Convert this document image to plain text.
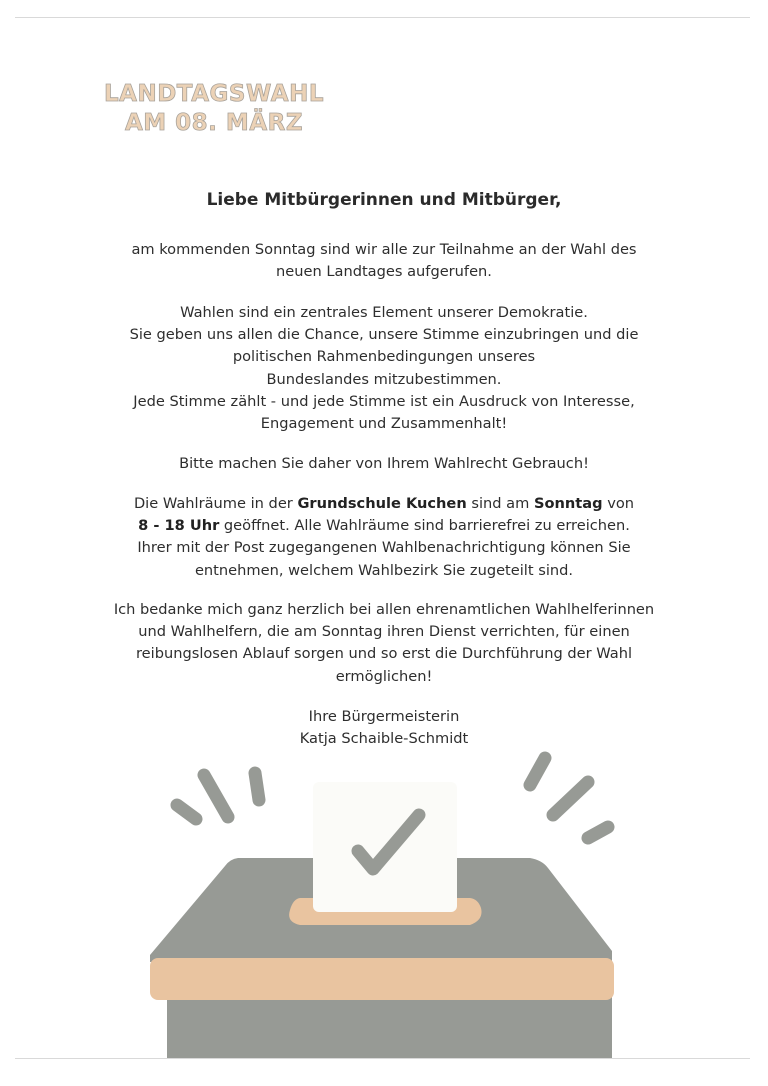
LANDTAGSWAHL
AM 08. MÄRZ
Liebe Mitbürgerinnen und Mitbürger,
am kommenden Sonntag sind wir alle zur Teilnahme an der Wahl des
neuen Landtages aufgerufen.
Wahlen sind ein zentrales Element unserer Demokratie.
Sie geben uns allen die Chance, unsere Stimme einzubringen und die
politischen Rahmenbedingungen unseres
Bundeslandes mitzubestimmen.
Jede Stimme zählt - und jede Stimme ist ein Ausdruck von Interesse,
Engagement und Zusammenhalt!
Bitte machen Sie daher von Ihrem Wahlrecht Gebrauch!
Die Wahlräume in der Grundschule Kuchen sind am Sonntag von
8 - 18 Uhr geöffnet. Alle Wahlräume sind barrierefrei zu erreichen.
Ihrer mit der Post zugegangenen Wahlbenachrichtigung können Sie
entnehmen, welchem Wahlbezirk Sie zugeteilt sind.
Ich bedanke mich ganz herzlich bei allen ehrenamtlichen Wahlhelferinnen
und Wahlhelfern, die am Sonntag ihren Dienst verrichten, für einen
reibungslosen Ablauf sorgen und so erst die Durchführung der Wahl
ermöglichen!
Ihre Bürgermeisterin
Katja Schaible-Schmidt
